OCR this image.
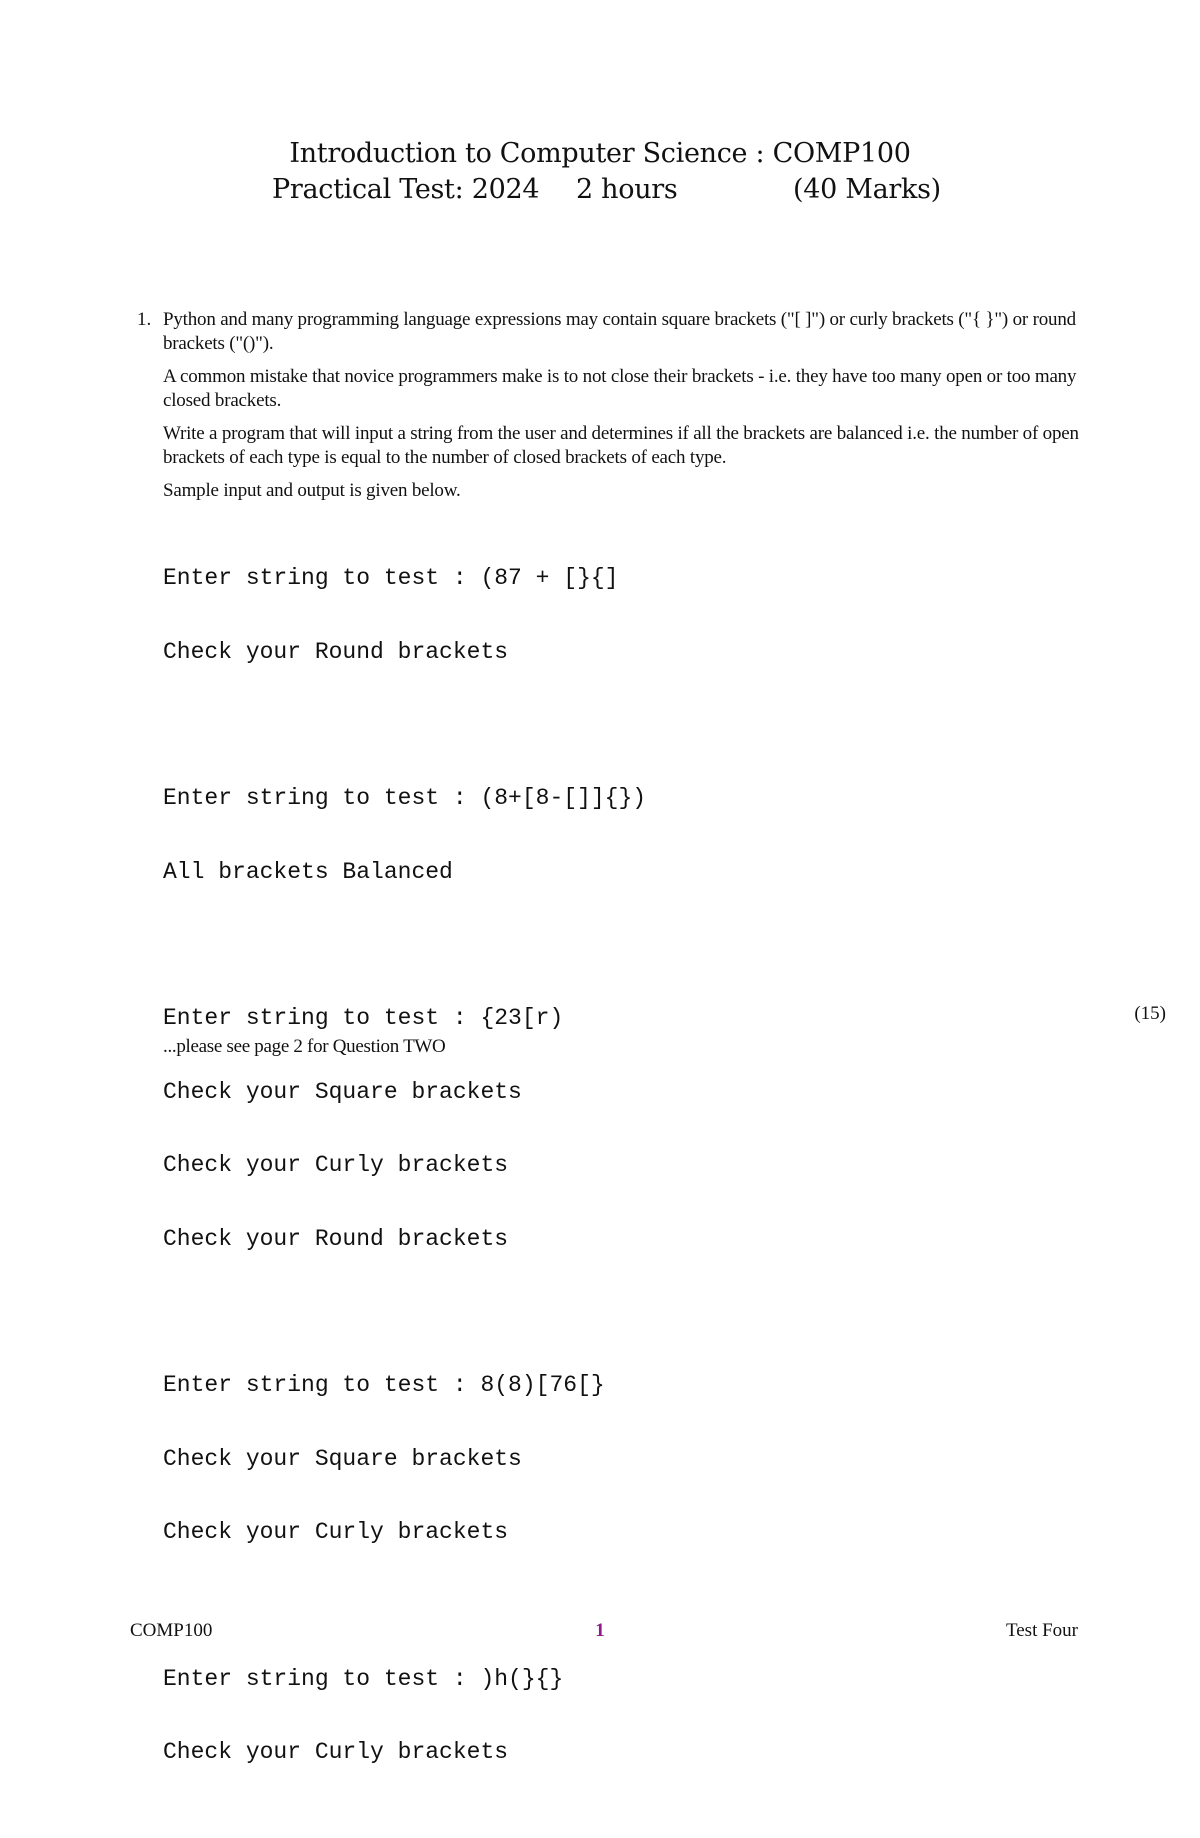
Introduction to Computer Science : COMP100
Practical Test: 2024 2 hours	(40 Marks)
1. Python and many programming language expressions may contain square brackets ("[ ]") or curly brackets ("{ }") or round brackets ("()").

A common mistake that novice programmers make is to not close their brackets - i.e. they have too many open or too many closed brackets.

Write a program that will input a string from the user and determines if all the brackets are balanced i.e. the number of open brackets of each type is equal to the number of closed brackets of each type.

Sample input and output is given below.

Enter string to test : (87 + [}{]

Check your Round brackets

Enter string to test : (8+[8-[]]{})

All brackets Balanced

Enter string to test : {23[r)

Check your Square brackets

Check your Curly brackets

Check your Round brackets

Enter string to test : 8(8)[76[}

Check your Square brackets

Check your Curly brackets

Enter string to test : )h(}{}

Check your Curly brackets

(15)
...please see page 2 for Question TWO
COMP100	1	Test Four
